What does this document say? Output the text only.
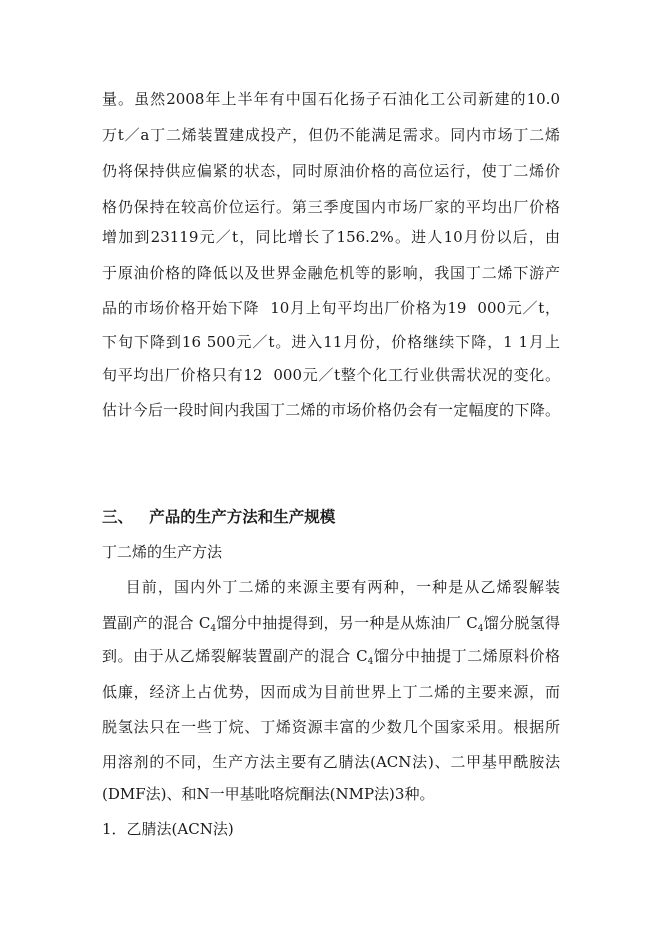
量。虽然2008年上半年有中国石化扬子石油化工公司新建的10.0
万t／a丁二烯装置建成投产，但仍不能满足需求。同内市场丁二烯
仍将保持供应偏紧的状态，同时原油价格的高位运行，使丁二烯价
格仍保持在较高价位运行。第三季度国内市场厂家的平均出厂价格
增加到23119元／t，同比增长了156.2%。进人10月份以后，由
于原油价格的降低以及世界金融危机等的影响，我国丁二烯下游产
品的市场价格开始下降  10月上旬平均出厂价格为19  000元／t，
下旬下降到16 500元／t。进入11月份，价格继续下降，1 1月上
旬平均出厂价格只有12  000元／t整个化工行业供需状况的变化。
估计今后一段时间内我国丁二烯的市场价格仍会有一定幅度的下降。
三、   产品的生产方法和生产规模
丁二烯的生产方法
目前，国内外丁二烯的来源主要有两种，一种是从乙烯裂解装
置副产的混合 $C_4$馏分中抽提得到，另一种是从炼油厂 $C_4$馏分脱氢得
到。由于从乙烯裂解装置副产的混合 $C_4$馏分中抽提丁二烯原料价格
低廉，经济上占优势，因而成为目前世界上丁二烯的主要来源，而
脱氢法只在一些丁烷、丁烯资源丰富的少数几个国家采用。根据所
用溶剂的不同，生产方法主要有乙腈法(ACN法)、二甲基甲酰胺法
(DMF法)、和N一甲基吡咯烷酮法(NMP法)3种。
1．乙腈法(ACN法)
